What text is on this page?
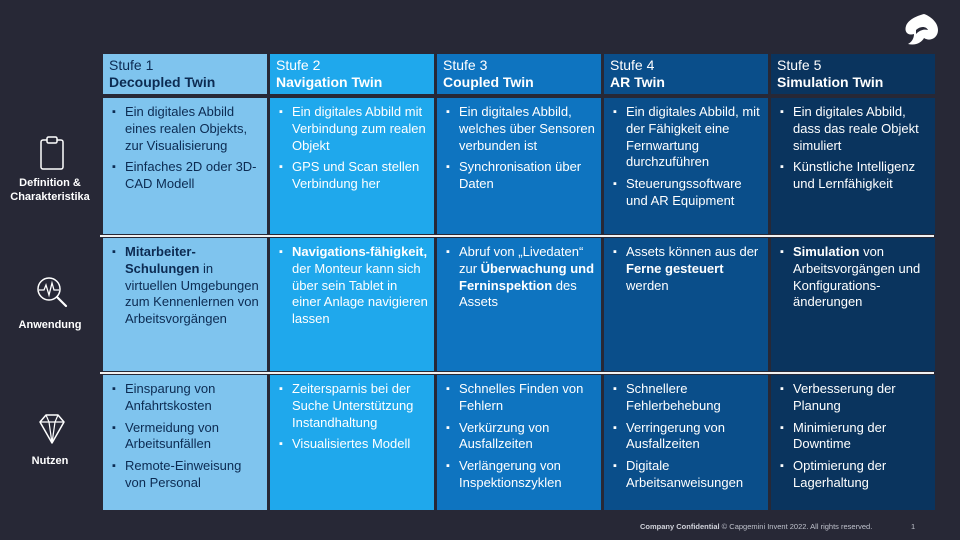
Definition & Charakteristika
Anwendung
Nutzen
Stufe 1
Decoupled Twin
▪ Ein digitales Abbild eines realen Objekts, zur Visualisierung
▪ Einfaches 2D oder 3D-CAD Modell
▪ Mitarbeiter-Schulungen in virtuellen Umgebungen zum Kennenlernen von Arbeitsvorgängen
▪ Einsparung von Anfahrtskosten
▪ Vermeidung von Arbeitsunfällen
▪ Remote-Einweisung von Personal
Stufe 2
Navigation Twin
▪ Ein digitales Abbild mit Verbindung zum realen Objekt
▪ GPS und Scan stellen Verbindung her
▪ Navigations-fähigkeit, der Monteur kann sich über sein Tablet in einer Anlage navigieren lassen
▪ Zeitersparnis bei der Suche Unterstützung Instandhaltung
▪ Visualisiertes Modell
Stufe 3
Coupled Twin
▪ Ein digitales Abbild, welches über Sensoren verbunden ist
▪ Synchronisation über Daten
▪ Abruf von „Livedaten“ zur Überwachung und Ferninspektion des Assets
▪ Schnelles Finden von Fehlern
▪ Verkürzung von Ausfallzeiten
▪ Verlängerung von Inspektionszyklen
Stufe 4
AR Twin
▪ Ein digitales Abbild, mit der Fähigkeit eine Fernwartung durchzuführen
▪ Steuerungssoftware und AR Equipment
▪ Assets können aus der Ferne gesteuert werden
▪ Schnellere Fehlerbehebung
▪ Verringerung von Ausfallzeiten
▪ Digitale Arbeitsanweisungen
Stufe 5
Simulation Twin
▪ Ein digitales Abbild, dass das reale Objekt simuliert
▪ Künstliche Intelligenz und Lernfähigkeit
▪ Simulation von Arbeitsvorgängen und Konfigurations-änderungen
▪ Verbesserung der Planung
▪ Minimierung der Downtime
▪ Optimierung der Lagerhaltung
Company Confidential © Capgemini Invent 2022. All rights reserved.	1
